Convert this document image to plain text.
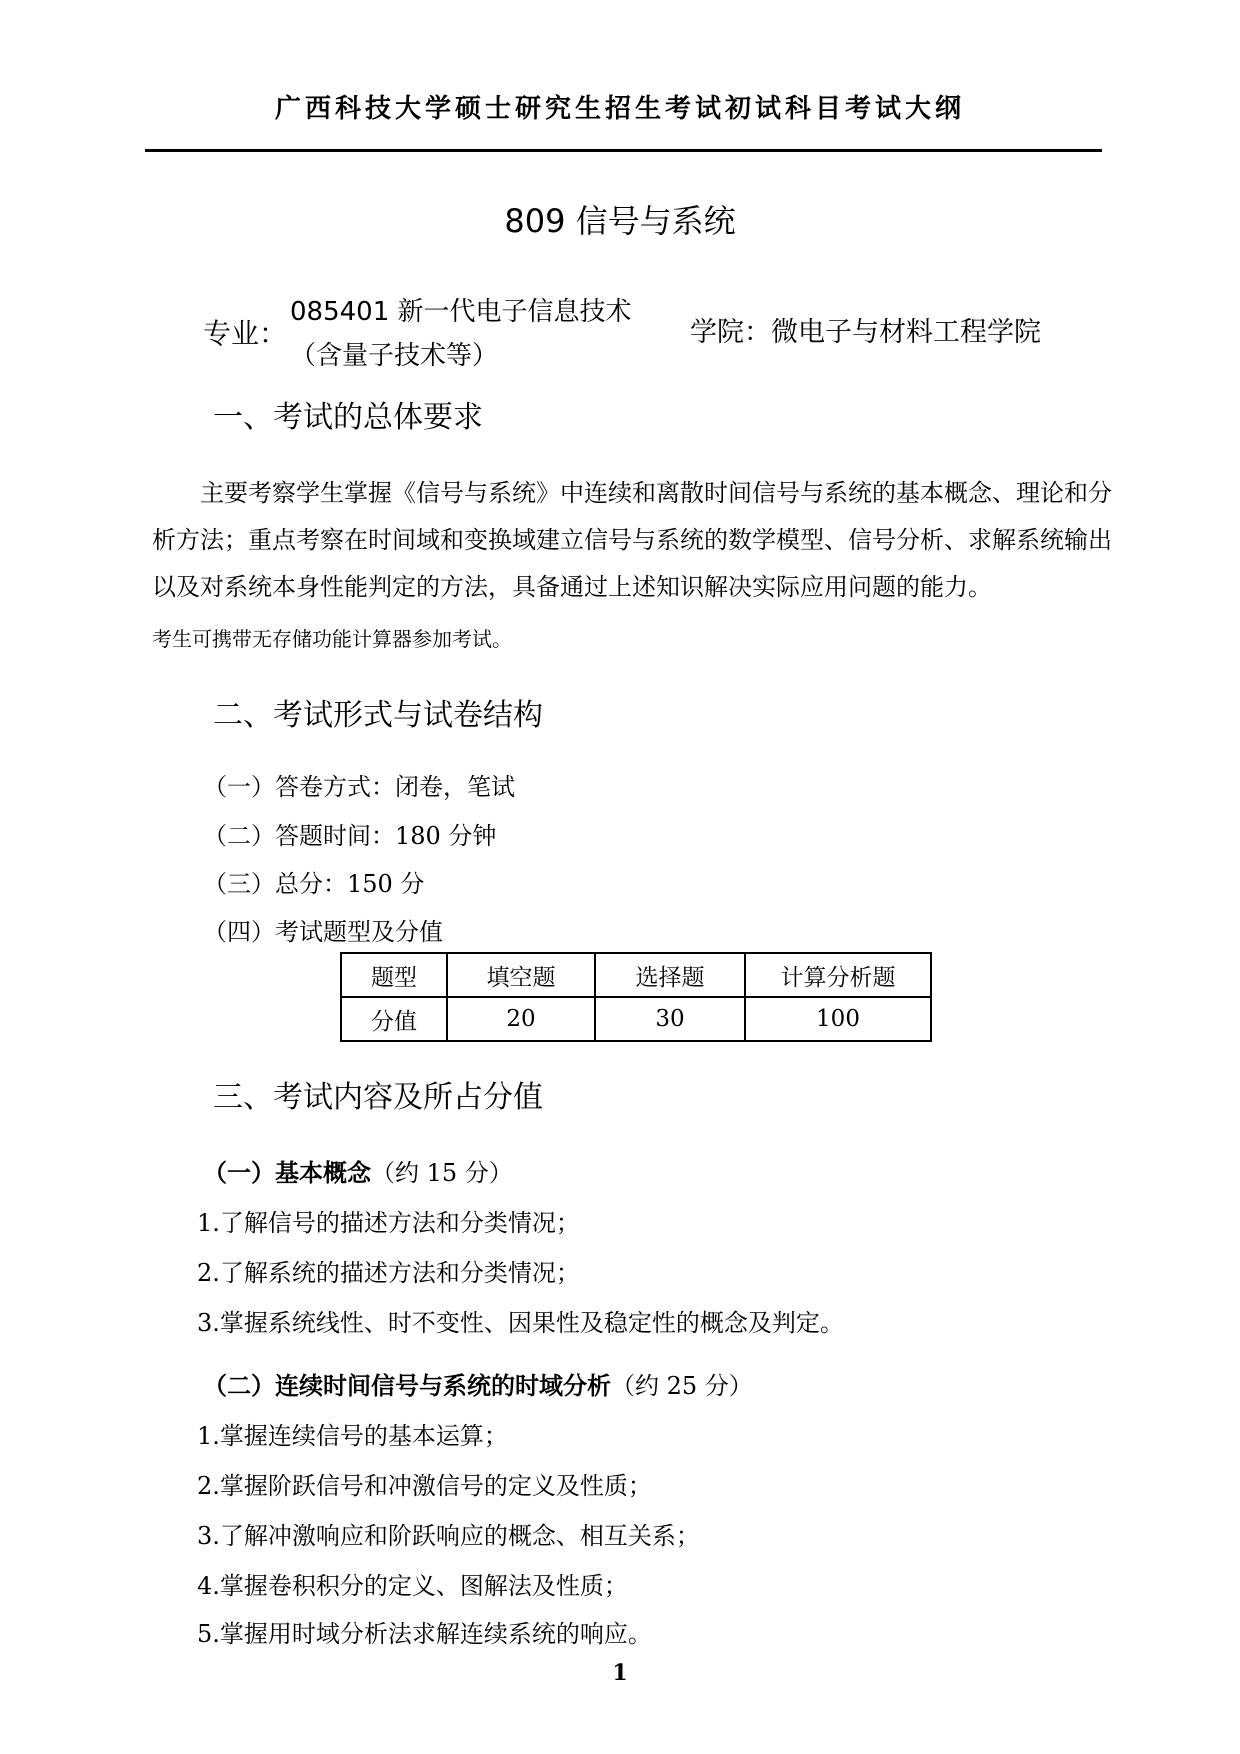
广西科技大学硕士研究生招生考试初试科目考试大纲
809 信号与系统
专业：
085401 新一代电子信息技术
（含量子技术等）
学院：微电子与材料工程学院
一、考试的总体要求
主要考察学生掌握《信号与系统》中连续和离散时间信号与系统的基本概念、理论和分析方法；重点考察在时间域和变换域建立信号与系统的数学模型、信号分析、求解系统输出以及对系统本身性能判定的方法，具备通过上述知识解决实际应用问题的能力。
考生可携带无存储功能计算器参加考试。
二、考试形式与试卷结构
（一）答卷方式：闭卷，笔试
（二）答题时间：180 分钟
（三）总分：150 分
（四）考试题型及分值
题型	填空题	选择题	计算分析题
分值	20	30	100
三、考试内容及所占分值
（一）基本概念（约 15 分）
1.了解信号的描述方法和分类情况；
2.了解系统的描述方法和分类情况；
3.掌握系统线性、时不变性、因果性及稳定性的概念及判定。
（二）连续时间信号与系统的时域分析（约 25 分）
1.掌握连续信号的基本运算；
2.掌握阶跃信号和冲激信号的定义及性质；
3.了解冲激响应和阶跃响应的概念、相互关系；
4.掌握卷积积分的定义、图解法及性质；
5.掌握用时域分析法求解连续系统的响应。
1
